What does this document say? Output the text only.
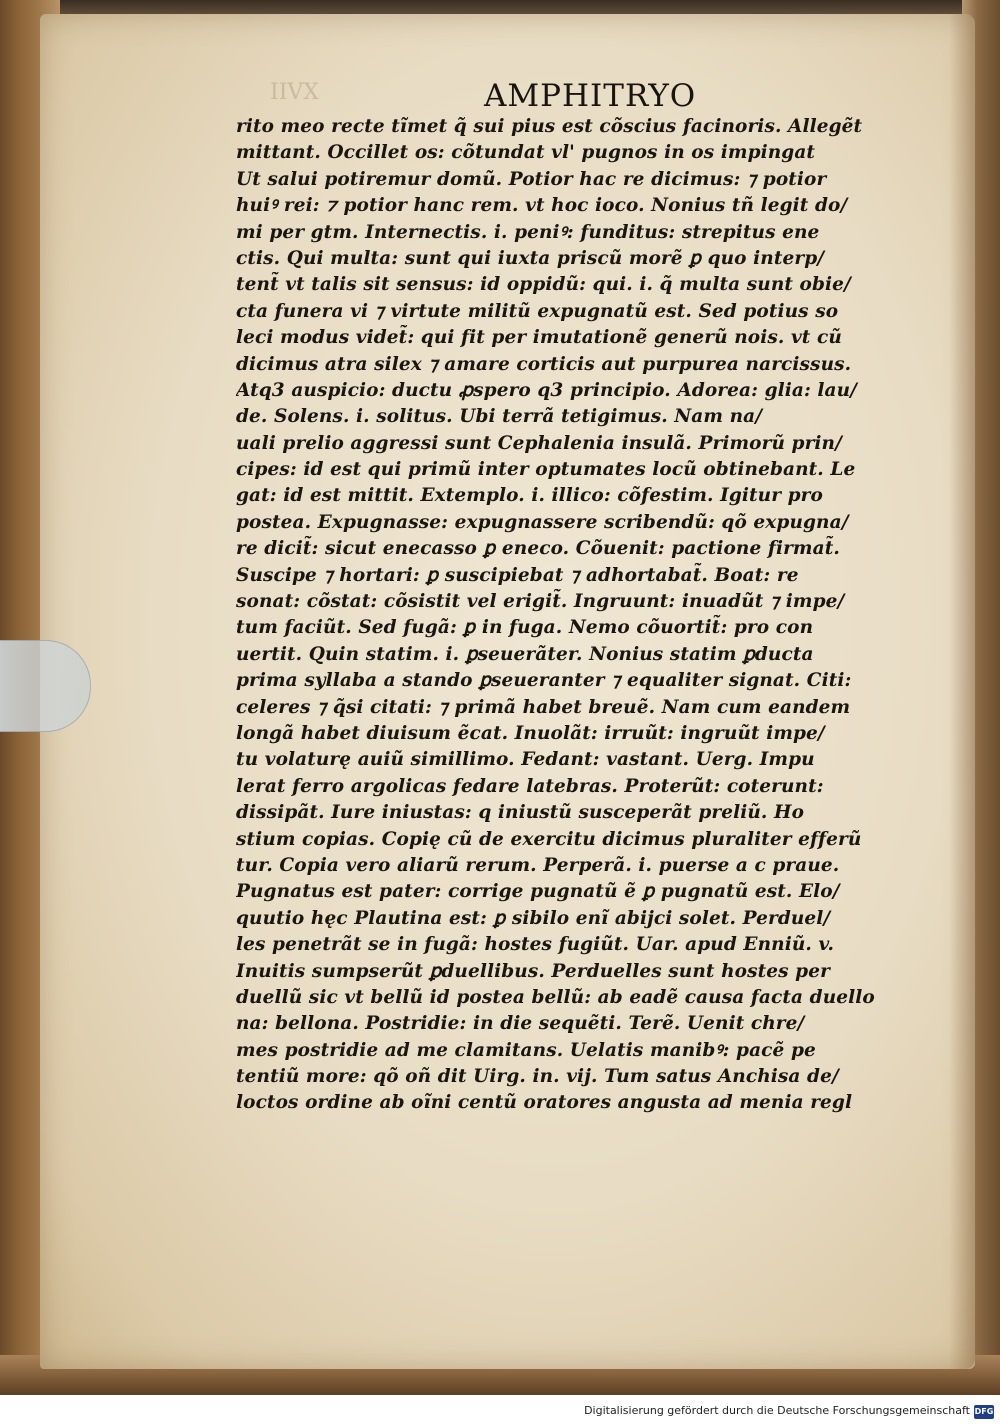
IIVX	AMPHITRYO
rito meo recte tĩmet q̃ sui pius est cõscius facinoris. Allegẽt
mittant. Occillet os: cõtundat vl' pugnos in os impingat
Ut salui potiremur domũ. Potior hac re dicimus: ⁊ potior
huiꝰ rei: ⁊ potior hanc rem. vt hoc ioco. Nonius tñ legit do/
mi per gtm. Internectis. i. peniꝰ: funditus: strepitus ene
ctis. Qui multa: sunt qui iuxta priscũ morẽ ꝑ quo interp/
tent̃ vt talis sit sensus: id oppidũ: qui. i. q̃ multa sunt obie/
cta funera vi ⁊ virtute militũ expugnatũ est. Sed potius so
leci modus videt̃: qui fit per imutationẽ generũ nois. vt cũ
dicimus atra silex ⁊ amare corticis aut purpurea narcissus.
Atq3 auspicio: ductu ꝓspero q3 principio. Adorea: glia: lau/
de. Solens. i. solitus. Ubi terrã tetigimus. Nam na/
uali prelio aggressi sunt Cephalenia insulã. Primorũ prin/
cipes: id est qui primũ inter optumates locũ obtinebant. Le
gat: id est mittit. Extemplo. i. illico: cõfestim. Igitur pro
postea. Expugnasse: expugnassere scribendũ: qõ expugna/
re dicit̃: sicut enecasso ꝑ eneco. Cõuenit: pactione firmat̃.
Suscipe ⁊ hortari: ꝑ suscipiebat ⁊ adhortabat̃. Boat: re
sonat: cõstat: cõsistit vel erigit̃. Ingruunt: inuadũt ⁊ impe/
tum faciũt. Sed fugã: ꝑ in fuga. Nemo cõuortit̃: pro con
uertit. Quin statim. i. ꝑseuerãter. Nonius statim ꝑducta
prima syllaba a stando ꝑseueranter ⁊ equaliter signat. Citi:
celeres ⁊ q̃si citati: ⁊ primã habet breuẽ. Nam cum eandem
longã habet diuisum ẽcat. Inuolãt: irruũt: ingruũt impe/
tu volaturę auiũ simillimo. Fedant: vastant. Uerg. Impu
lerat ferro argolicas fedare latebras. Proterũt: coterunt:
dissipãt. Iure iniustas: q iniustũ susceperãt preliũ. Ho
stium copias. Copię cũ de exercitu dicimus pluraliter efferũ
tur. Copia vero aliarũ rerum. Perperã. i. puerse a c praue.
Pugnatus est pater: corrige pugnatũ ẽ ꝑ pugnatũ est. Elo/
quutio hęc Plautina est: ꝑ sibilo enĩ abijci solet. Perduel/
les penetrãt se in fugã: hostes fugiũt. Uar. apud Enniũ. v.
Inuitis sumpserũt ꝑduellibus. Perduelles sunt hostes per
duellũ sic vt bellũ id postea bellũ: ab eadẽ causa facta duello
na: bellona. Postridie: in die sequẽti. Terẽ. Uenit chre/
mes postridie ad me clamitans. Uelatis manibꝰ: pacẽ pe
tentiũ more: qõ oñ dit Uirg. in. vij. Tum satus Anchisa de/
loctos ordine ab oĩni centũ oratores angusta ad menia regl
Digitalisierung gefördert durch die Deutsche Forschungsgemeinschaft DFG
